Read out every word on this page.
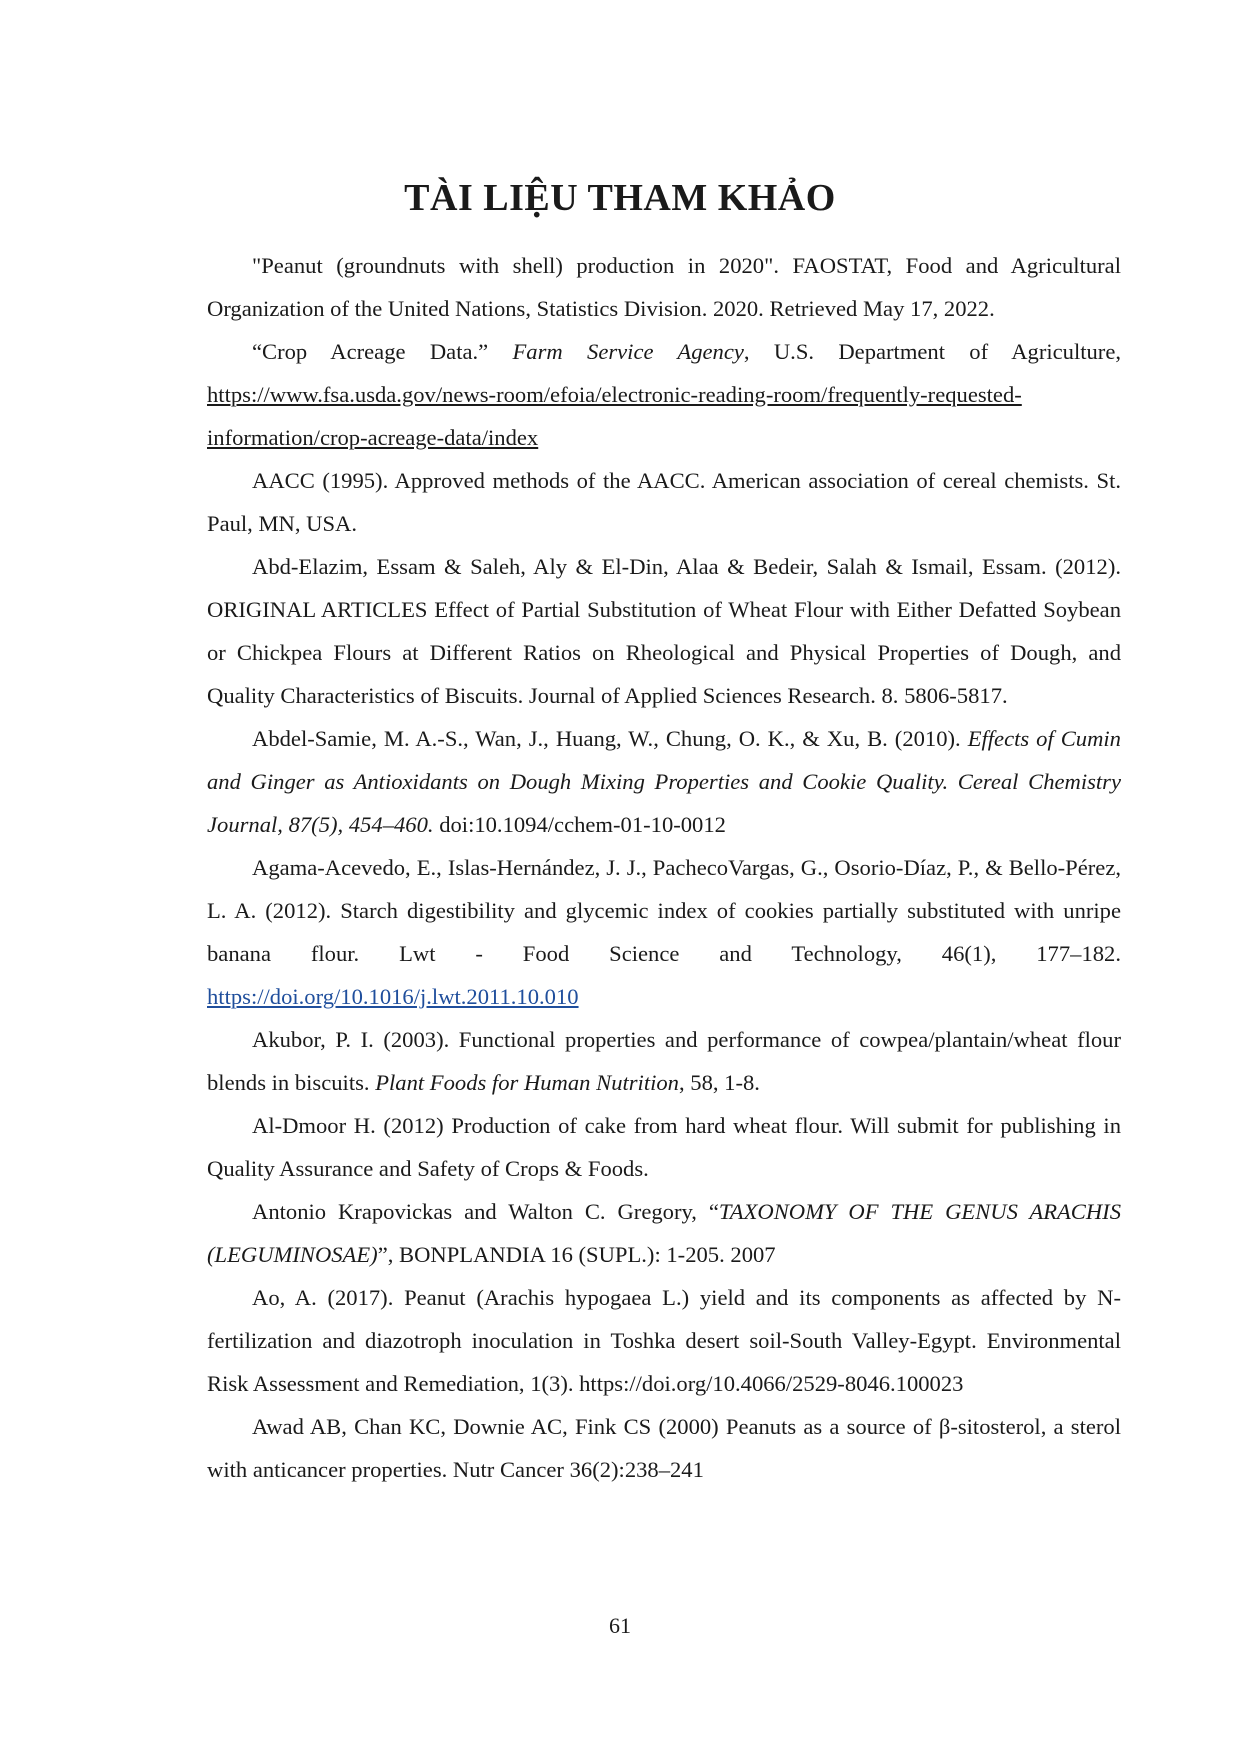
TÀI LIỆU THAM KHẢO

"Peanut (groundnuts with shell) production in 2020". FAOSTAT, Food and Agricultural Organization of the United Nations, Statistics Division. 2020. Retrieved May 17, 2022.

“Crop Acreage Data.” Farm Service Agency, U.S. Department of Agriculture, https://www.fsa.usda.gov/news-room/efoia/electronic-reading-room/frequently-requested-information/crop-acreage-data/index

AACC (1995). Approved methods of the AACC. American association of cereal chemists. St. Paul, MN, USA.

Abd-Elazim, Essam & Saleh, Aly & El-Din, Alaa & Bedeir, Salah & Ismail, Essam. (2012). ORIGINAL ARTICLES Effect of Partial Substitution of Wheat Flour with Either Defatted Soybean or Chickpea Flours at Different Ratios on Rheological and Physical Properties of Dough, and Quality Characteristics of Biscuits. Journal of Applied Sciences Research. 8. 5806-5817.

Abdel-Samie, M. A.-S., Wan, J., Huang, W., Chung, O. K., & Xu, B. (2010). Effects of Cumin and Ginger as Antioxidants on Dough Mixing Properties and Cookie Quality. Cereal Chemistry Journal, 87(5), 454–460. doi:10.1094/cchem-01-10-0012

Agama-Acevedo, E., Islas-Hernández, J. J., PachecoVargas, G., Osorio-Díaz, P., & Bello-Pérez, L. A. (2012). Starch digestibility and glycemic index of cookies partially substituted with unripe banana flour. Lwt - Food Science and Technology, 46(1), 177–182. https://doi.org/10.1016/j.lwt.2011.10.010

Akubor, P. I. (2003). Functional properties and performance of cowpea/plantain/wheat flour blends in biscuits. Plant Foods for Human Nutrition, 58, 1-8.

Al-Dmoor H. (2012) Production of cake from hard wheat flour. Will submit for publishing in Quality Assurance and Safety of Crops & Foods.

Antonio Krapovickas and Walton C. Gregory, “TAXONOMY OF THE GENUS ARACHIS (LEGUMINOSAE)”, BONPLANDIA 16 (SUPL.): 1-205. 2007

Ao, A. (2017). Peanut (Arachis hypogaea L.) yield and its components as affected by N-fertilization and diazotroph inoculation in Toshka desert soil-South Valley-Egypt. Environmental Risk Assessment and Remediation, 1(3). https://doi.org/10.4066/2529-8046.100023

Awad AB, Chan KC, Downie AC, Fink CS (2000) Peanuts as a source of β-sitosterol, a sterol with anticancer properties. Nutr Cancer 36(2):238–241

61
